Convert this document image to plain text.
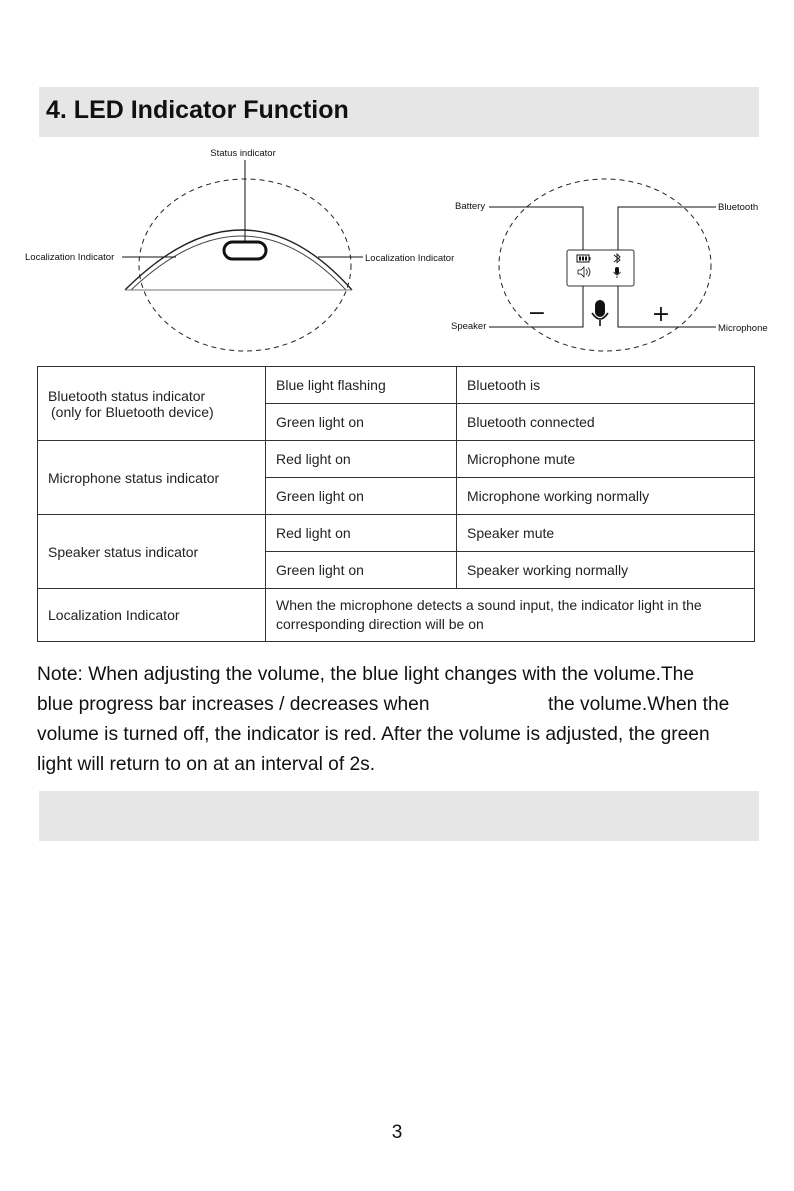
4. LED Indicator Function
Status indicator
Localization Indicator	Localization Indicator
−	+
Battery	Bluetooth
Speaker	Microphone
Bluetooth status indicator
(only for Bluetooth device)	Blue light flashing	Bluetooth is
	Green light on	Bluetooth connected
Microphone status indicator	Red light on	Microphone mute
	Green light on	Microphone working normally
Speaker status indicator	Red light on	Speaker mute
	Green light on	Speaker working normally
Localization Indicator	When the microphone detects a sound input, the indicator light in the corresponding direction will be on	
Note: When adjusting the volume, the blue light changes with the volume.The
blue progress bar increases / decreases when	the volume.When the
volume is turned off, the indicator is red. After the volume is adjusted, the green
light will return to on at an interval of 2s.
3
